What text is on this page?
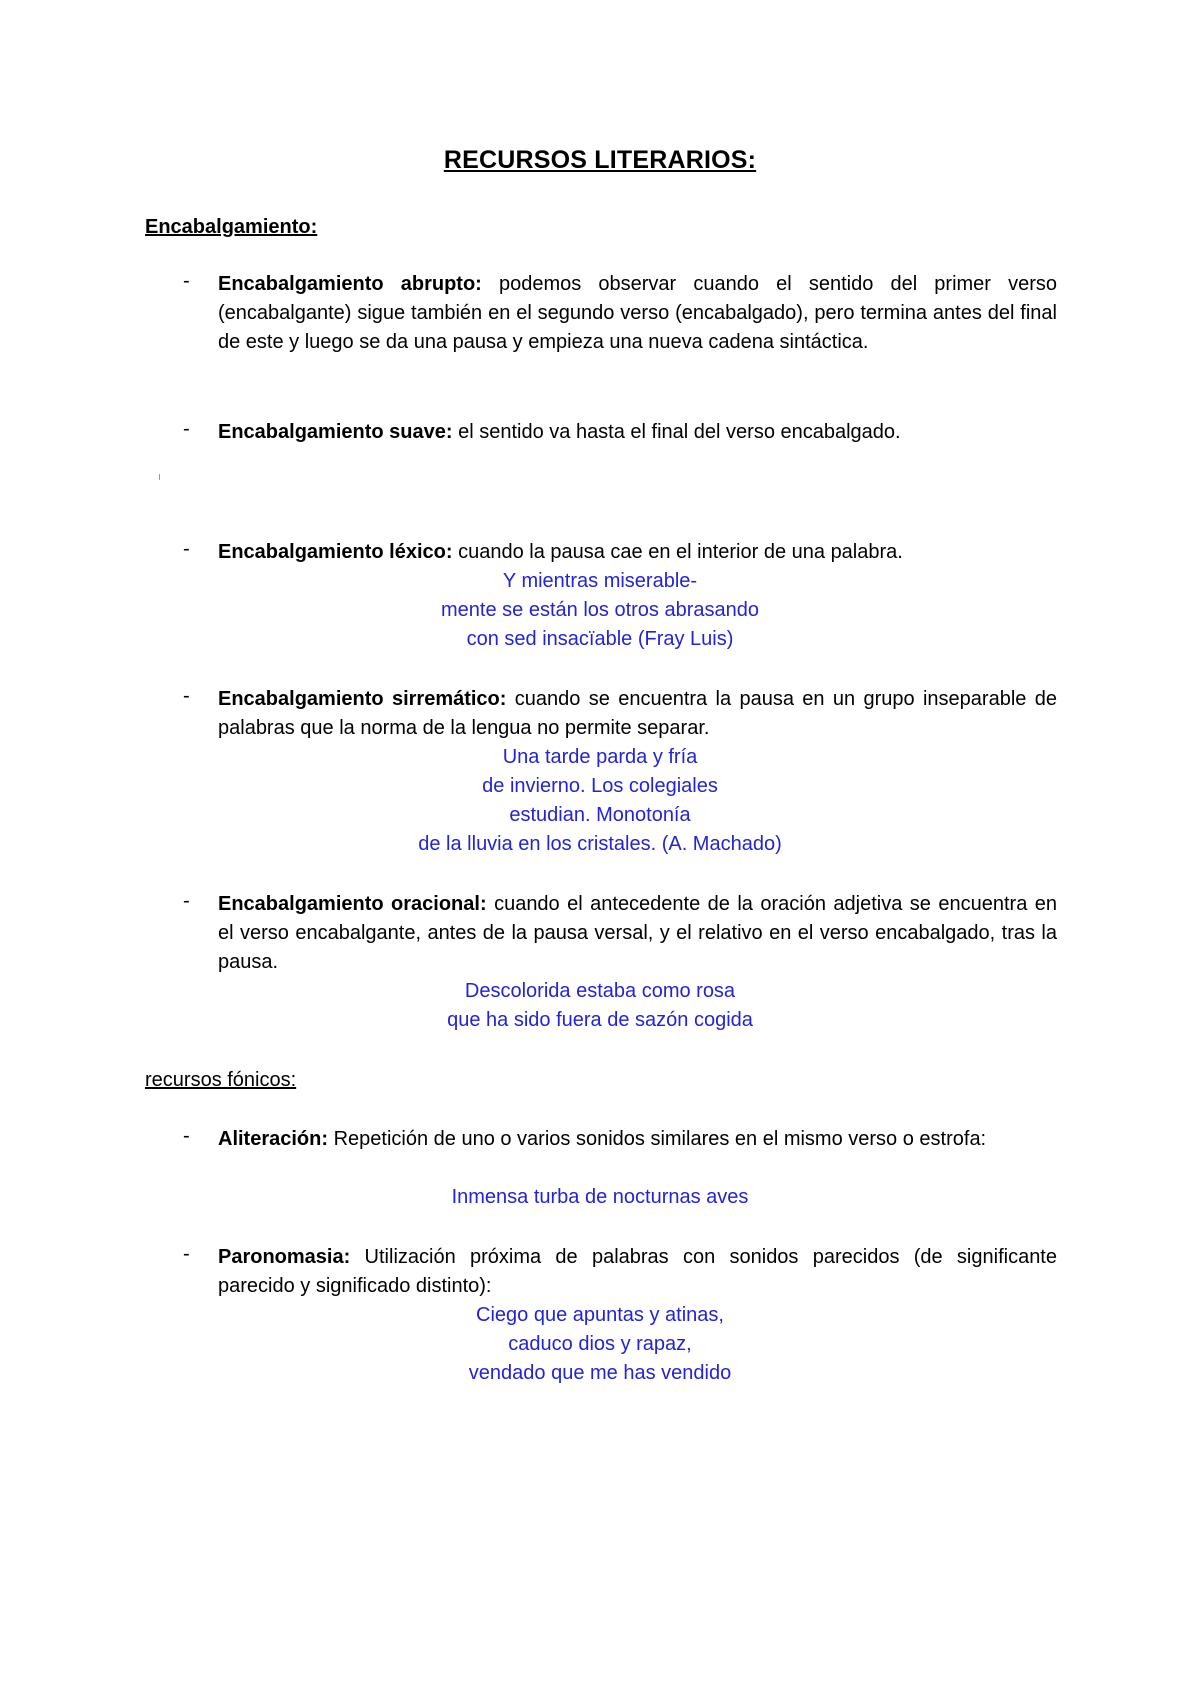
RECURSOS LITERARIOS:
Encabalgamiento:
- Encabalgamiento abrupto: podemos observar cuando el sentido del primer verso (encabalgante) sigue también en el segundo verso (encabalgado), pero termina antes del final de este y luego se da una pausa y empieza una nueva cadena sintáctica.
- Encabalgamiento suave: el sentido va hasta el final del verso encabalgado.
- Encabalgamiento léxico: cuando la pausa cae en el interior de una palabra.
Y mientras miserable-
mente se están los otros abrasando
con sed insacïable (Fray Luis)
- Encabalgamiento sirremático: cuando se encuentra la pausa en un grupo inseparable de palabras que la norma de la lengua no permite separar.
Una tarde parda y fría
de invierno. Los colegiales
estudian. Monotonía
de la lluvia en los cristales. (A. Machado)
- Encabalgamiento oracional: cuando el antecedente de la oración adjetiva se encuentra en el verso encabalgante, antes de la pausa versal, y el relativo en el verso encabalgado, tras la pausa.
Descolorida estaba como rosa
que ha sido fuera de sazón cogida
recursos fónicos:
- Aliteración: Repetición de uno o varios sonidos similares en el mismo verso o estrofa:
Inmensa turba de nocturnas aves
- Paronomasia: Utilización próxima de palabras con sonidos parecidos (de significante parecido y significado distinto):
Ciego que apuntas y atinas,
caduco dios y rapaz,
vendado que me has vendido
